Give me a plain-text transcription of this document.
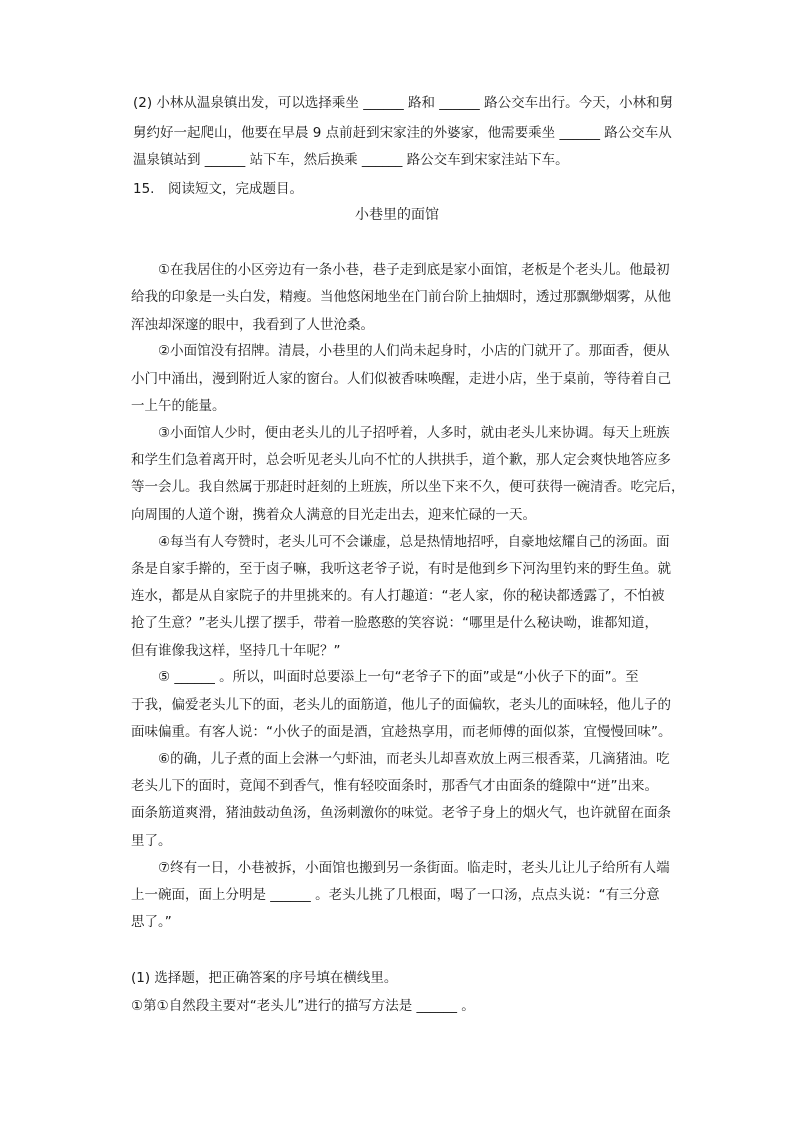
(2) 小林从温泉镇出发，可以选择乘坐 ______ 路和 ______ 路公交车出行。今天，小林和舅
舅约好一起爬山，他要在早晨 9 点前赶到宋家洼的外婆家，他需要乘坐 ______ 路公交车从
温泉镇站到 ______ 站下车，然后换乘 ______ 路公交车到宋家洼站下车。
15.　阅读短文，完成题目。
小巷里的面馆
①在我居住的小区旁边有一条小巷，巷子走到底是家小面馆，老板是个老头儿。他最初
给我的印象是一头白发，精瘦。当他悠闲地坐在门前台阶上抽烟时，透过那飘缈烟雾，从他
浑浊却深邃的眼中，我看到了人世沧桑。
②小面馆没有招牌。清晨，小巷里的人们尚未起身时，小店的门就开了。那面香，便从
小门中涌出，漫到附近人家的窗台。人们似被香味唤醒，走进小店，坐于桌前，等待着自己
一上午的能量。
③小面馆人少时，便由老头儿的儿子招呼着，人多时，就由老头儿来协调。每天上班族
和学生们急着离开时，总会听见老头儿向不忙的人拱拱手，道个歉，那人定会爽快地答应多
等一会儿。我自然属于那赶时赶刻的上班族，所以坐下来不久，便可获得一碗清香。吃完后，
向周围的人道个谢，携着众人满意的目光走出去，迎来忙碌的一天。
④每当有人夸赞时，老头儿可不会谦虚，总是热情地招呼，自豪地炫耀自己的汤面。面
条是自家手擀的，至于卤子嘛，我听这老爷子说，有时是他到乡下河沟里钓来的野生鱼。就
连水，都是从自家院子的井里挑来的。有人打趣道：“老人家，你的秘诀都透露了，不怕被
抢了生意？”老头儿摆了摆手，带着一脸憨憨的笑容说：“哪里是什么秘诀呦，谁都知道，
但有谁像我这样，坚持几十年呢？”
⑤ ______ 。所以，叫面时总要添上一句“老爷子下的面”或是“小伙子下的面”。至
于我，偏爱老头儿下的面，老头儿的面筋道，他儿子的面偏软，老头儿的面味轻，他儿子的
面味偏重。有客人说：“小伙子的面是酒，宜趁热享用，而老师傅的面似茶，宜慢慢回味”。
⑥的确，儿子煮的面上会淋一勺虾油，而老头儿却喜欢放上两三根香菜，几滴猪油。吃
老头儿下的面时，竟闻不到香气，惟有轻咬面条时，那香气才由面条的缝隙中“迸”出来。
面条筋道爽滑，猪油鼓动鱼汤，鱼汤刺激你的味觉。老爷子身上的烟火气，也许就留在面条
里了。
⑦终有一日，小巷被拆，小面馆也搬到另一条街面。临走时，老头儿让儿子给所有人端
上一碗面，面上分明是 ______ 。老头儿挑了几根面，喝了一口汤，点点头说：“有三分意
思了。”
(1) 选择题，把正确答案的序号填在横线里。
①第①自然段主要对“老头儿”进行的描写方法是 ______ 。
